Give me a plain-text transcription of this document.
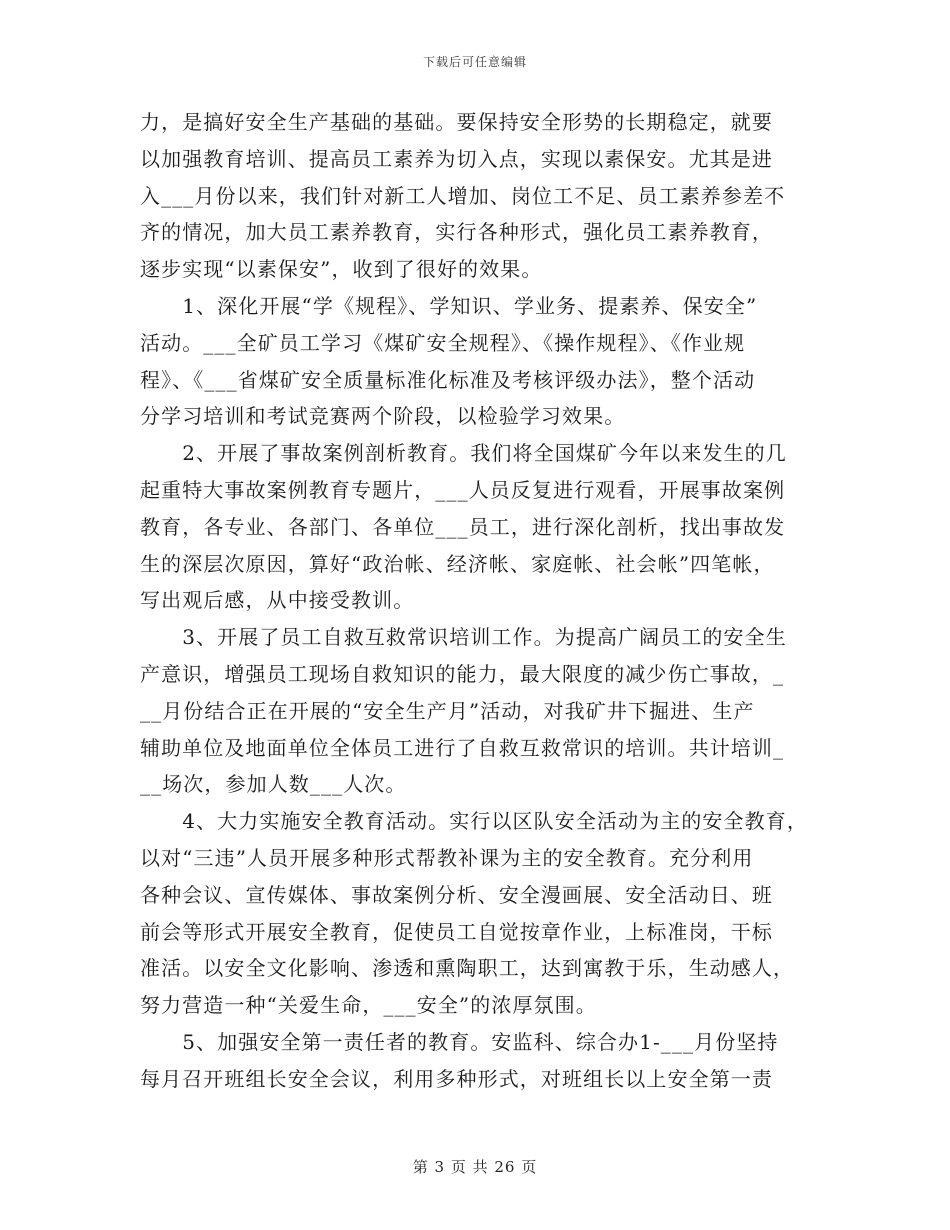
下载后可任意编辑
力，是搞好安全生产基础的基础。要保持安全形势的长期稳定，就要
以加强教育培训、提高员工素养为切入点，实现以素保安。尤其是进
入___月份以来，我们针对新工人增加、岗位工不足、员工素养参差不
齐的情况，加大员工素养教育，实行各种形式，强化员工素养教育，
逐步实现“以素保安”，收到了很好的效果。
　　1、深化开展“学《规程》、学知识、学业务、提素养、保安全”
活动。___全矿员工学习《煤矿安全规程》、《操作规程》、《作业规
程》、《___省煤矿安全质量标准化标准及考核评级办法》，整个活动
分学习培训和考试竞赛两个阶段，以检验学习效果。
　　2、开展了事故案例剖析教育。我们将全国煤矿今年以来发生的几
起重特大事故案例教育专题片，___人员反复进行观看，开展事故案例
教育，各专业、各部门、各单位___员工，进行深化剖析，找出事故发
生的深层次原因，算好“政治帐、经济帐、家庭帐、社会帐”四笔帐，
写出观后感，从中接受教训。
　　3、开展了员工自救互救常识培训工作。为提高广阔员工的安全生
产意识，增强员工现场自救知识的能力，最大限度的减少伤亡事故，_
__月份结合正在开展的“安全生产月”活动，对我矿井下掘进、生产
辅助单位及地面单位全体员工进行了自救互救常识的培训。共计培训_
__场次，参加人数___人次。
　　4、大力实施安全教育活动。实行以区队安全活动为主的安全教育，
以对“三违”人员开展多种形式帮教补课为主的安全教育。充分利用
各种会议、宣传媒体、事故案例分析、安全漫画展、安全活动日、班
前会等形式开展安全教育，促使员工自觉按章作业，上标准岗，干标
准活。以安全文化影响、渗透和熏陶职工，达到寓教于乐，生动感人，
努力营造一种“关爱生命，___安全”的浓厚氛围。
　　5、加强安全第一责任者的教育。安监科、综合办1-___月份坚持
每月召开班组长安全会议，利用多种形式，对班组长以上安全第一责
第 3 页 共 26 页
